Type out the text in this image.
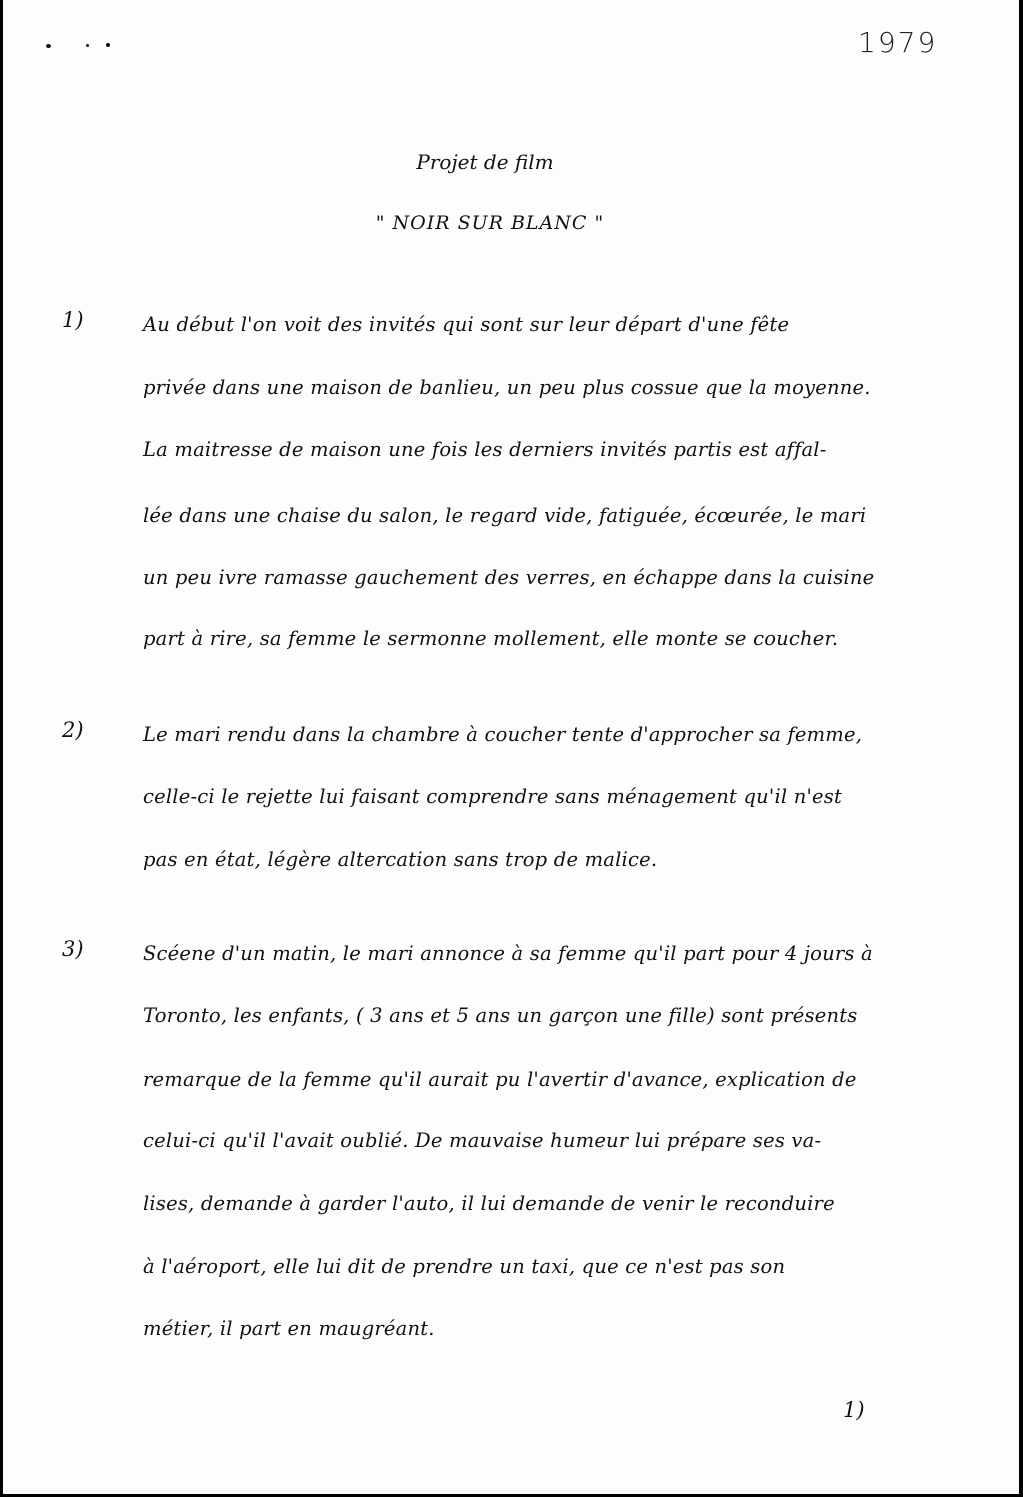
1979
Projet de film
" NOIR SUR BLANC "
1)	Au début l'on voit des invités qui sont sur leur départ d'une fête
privée dans une maison de banlieu, un peu plus cossue que la moyenne.
La maitresse de maison une fois les derniers invités partis est affal-
lée dans une chaise du salon, le regard vide, fatiguée, écœurée, le mari
un peu ivre ramasse gauchement des verres, en échappe dans la cuisine
part à rire, sa femme le sermonne mollement, elle monte se coucher.
2)	Le mari rendu dans la chambre à coucher tente d'approcher sa femme,
celle-ci le rejette lui faisant comprendre sans ménagement qu'il n'est
pas en état, légère altercation sans trop de malice.
3)	Scéene d'un matin, le mari annonce à sa femme qu'il part pour 4 jours à
Toronto, les enfants, ( 3 ans et 5 ans un garçon une fille) sont présents
remarque de la femme qu'il aurait pu l'avertir d'avance, explication de
celui-ci qu'il l'avait oublié. De mauvaise humeur lui prépare ses va-
lises, demande à garder l'auto, il lui demande de venir le reconduire
à l'aéroport, elle lui dit de prendre un taxi, que ce n'est pas son
métier, il part en maugréant.
1)
